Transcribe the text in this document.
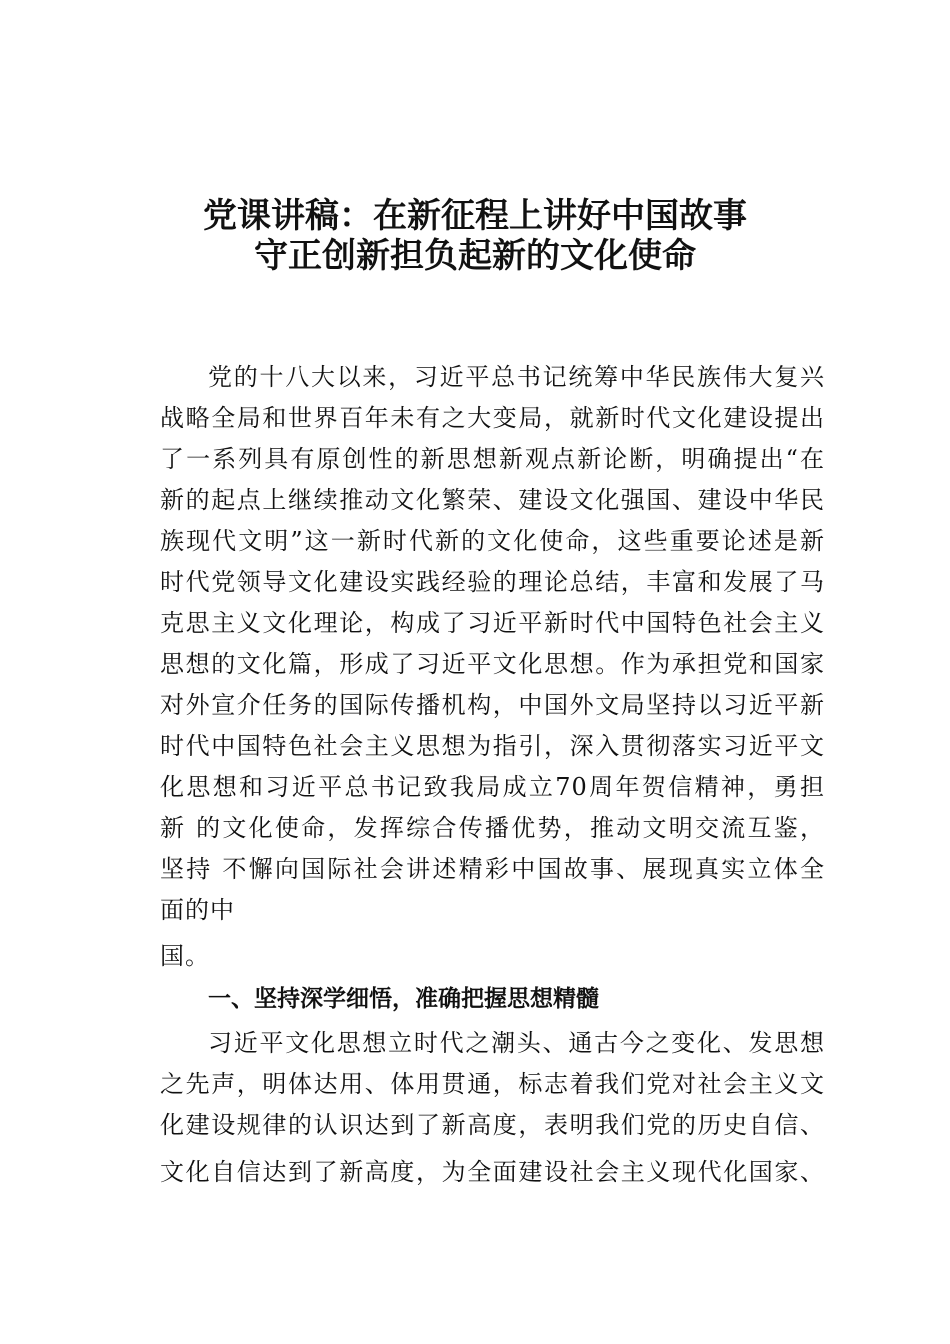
党课讲稿：在新征程上讲好中国故事
守正创新担负起新的文化使命
党的十八大以来，习近平总书记统筹中华民族伟大复兴
战略全局和世界百年未有之大变局，就新时代文化建设提出
了一系列具有原创性的新思想新观点新论断，明确提出“在
新的起点上继续推动文化繁荣、建设文化强国、建设中华民
族现代文明”这一新时代新的文化使命，这些重要论述是新
时代党领导文化建设实践经验的理论总结，丰富和发展了马
克思主义文化理论，构成了习近平新时代中国特色社会主义
思想的文化篇，形成了习近平文化思想。作为承担党和国家
对外宣介任务的国际传播机构，中国外文局坚持以习近平新
时代中国特色社会主义思想为指引，深入贯彻落实习近平文
化思想和习近平总书记致我局成立70周年贺信精神，勇担
新 的文化使命，发挥综合传播优势，推动文明交流互鉴，
坚持 不懈向国际社会讲述精彩中国故事、展现真实立体全
面的中
国。
一、坚持深学细悟，准确把握思想精髓
习近平文化思想立时代之潮头、通古今之变化、发思想
之先声，明体达用、体用贯通，标志着我们党对社会主义文
化建设规律的认识达到了新高度，表明我们党的历史自信、
文化自信达到了新高度，为全面建设社会主义现代化国家、
